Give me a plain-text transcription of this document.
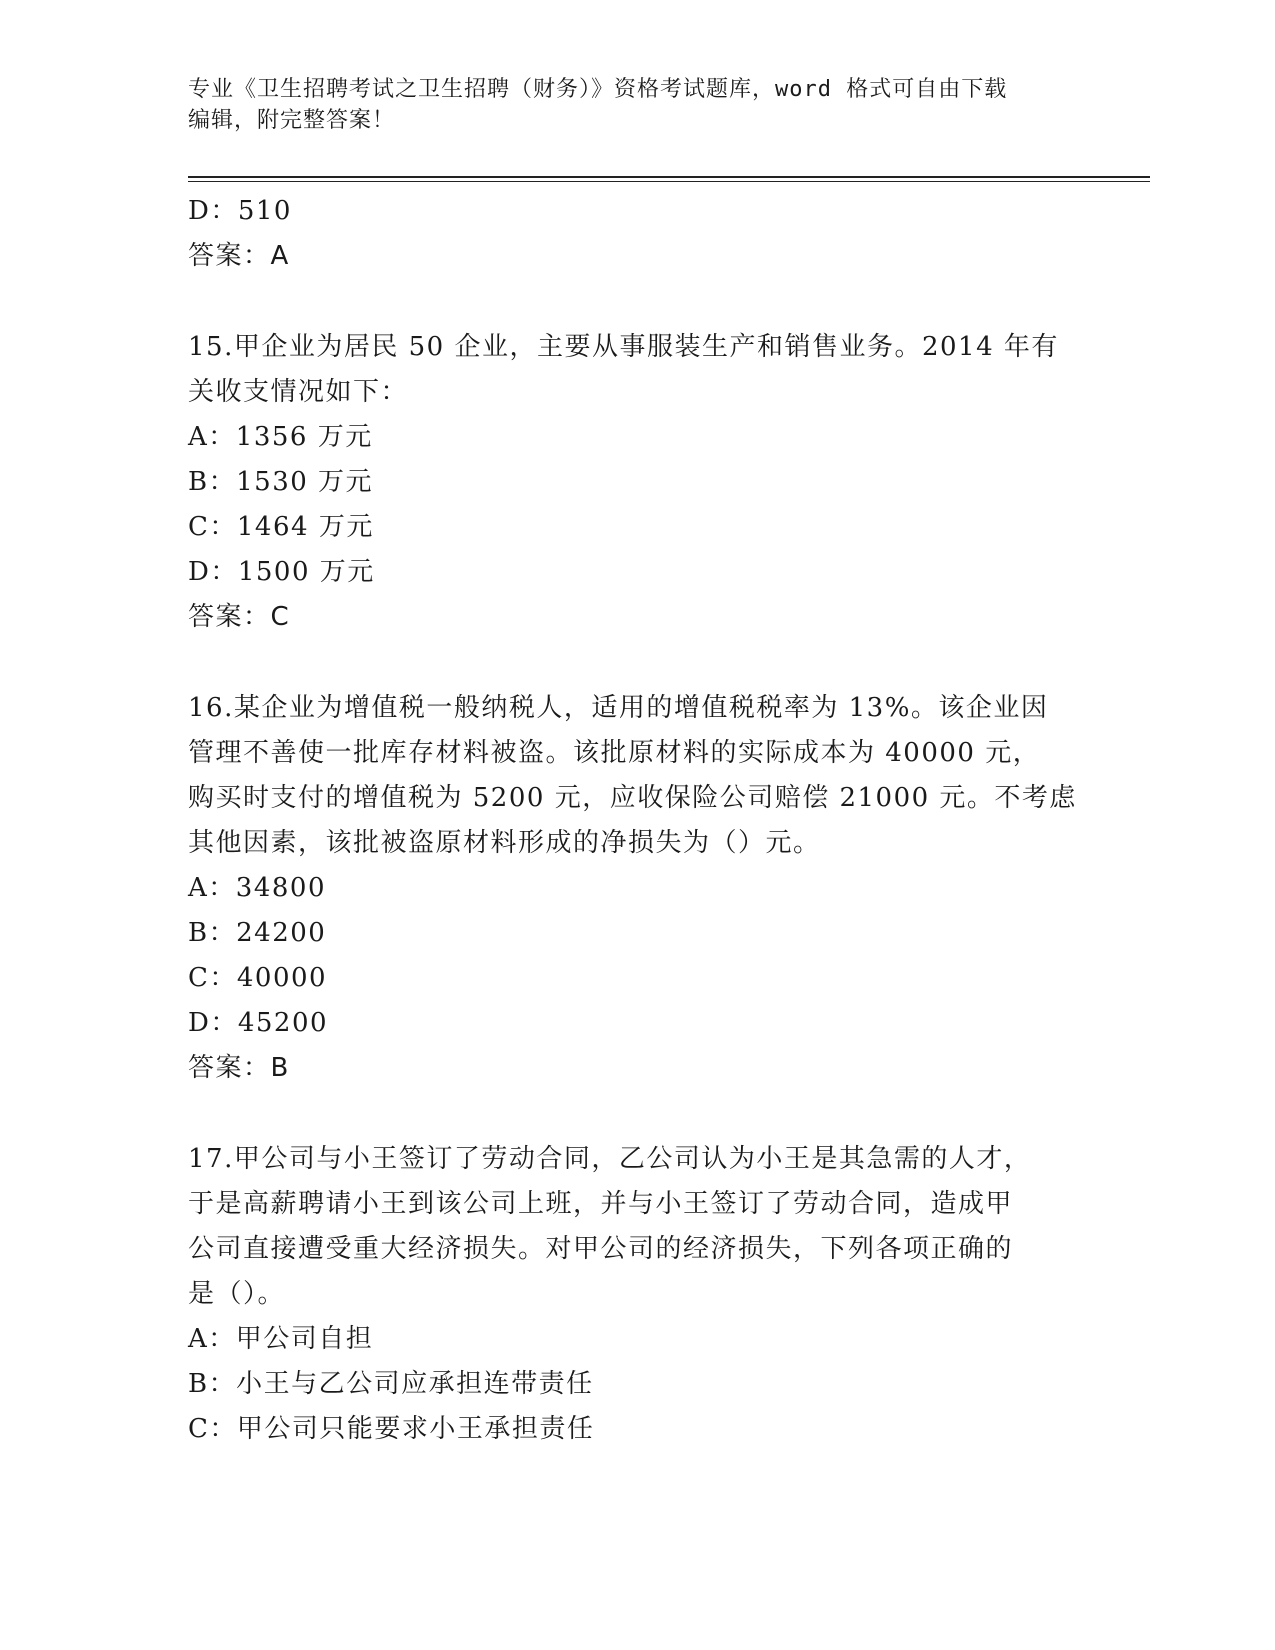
专业《卫生招聘考试之卫生招聘（财务）》资格考试题库，word 格式可自由下载
编辑，附完整答案！
D：510
答案：A
15.甲企业为居民 50 企业，主要从事服装生产和销售业务。2014 年有
关收支情况如下：
A：1356 万元
B：1530 万元
C：1464 万元
D：1500 万元
答案：C
16.某企业为增值税一般纳税人，适用的增值税税率为 13%。该企业因
管理不善使一批库存材料被盗。该批原材料的实际成本为 40000 元，
购买时支付的增值税为 5200 元，应收保险公司赔偿 21000 元。不考虑
其他因素，该批被盗原材料形成的净损失为（）元。
A：34800
B：24200
C：40000
D：45200
答案：B
17.甲公司与小王签订了劳动合同，乙公司认为小王是其急需的人才，
于是高薪聘请小王到该公司上班，并与小王签订了劳动合同，造成甲
公司直接遭受重大经济损失。对甲公司的经济损失，下列各项正确的
是（）。
A：甲公司自担
B：小王与乙公司应承担连带责任
C：甲公司只能要求小王承担责任
